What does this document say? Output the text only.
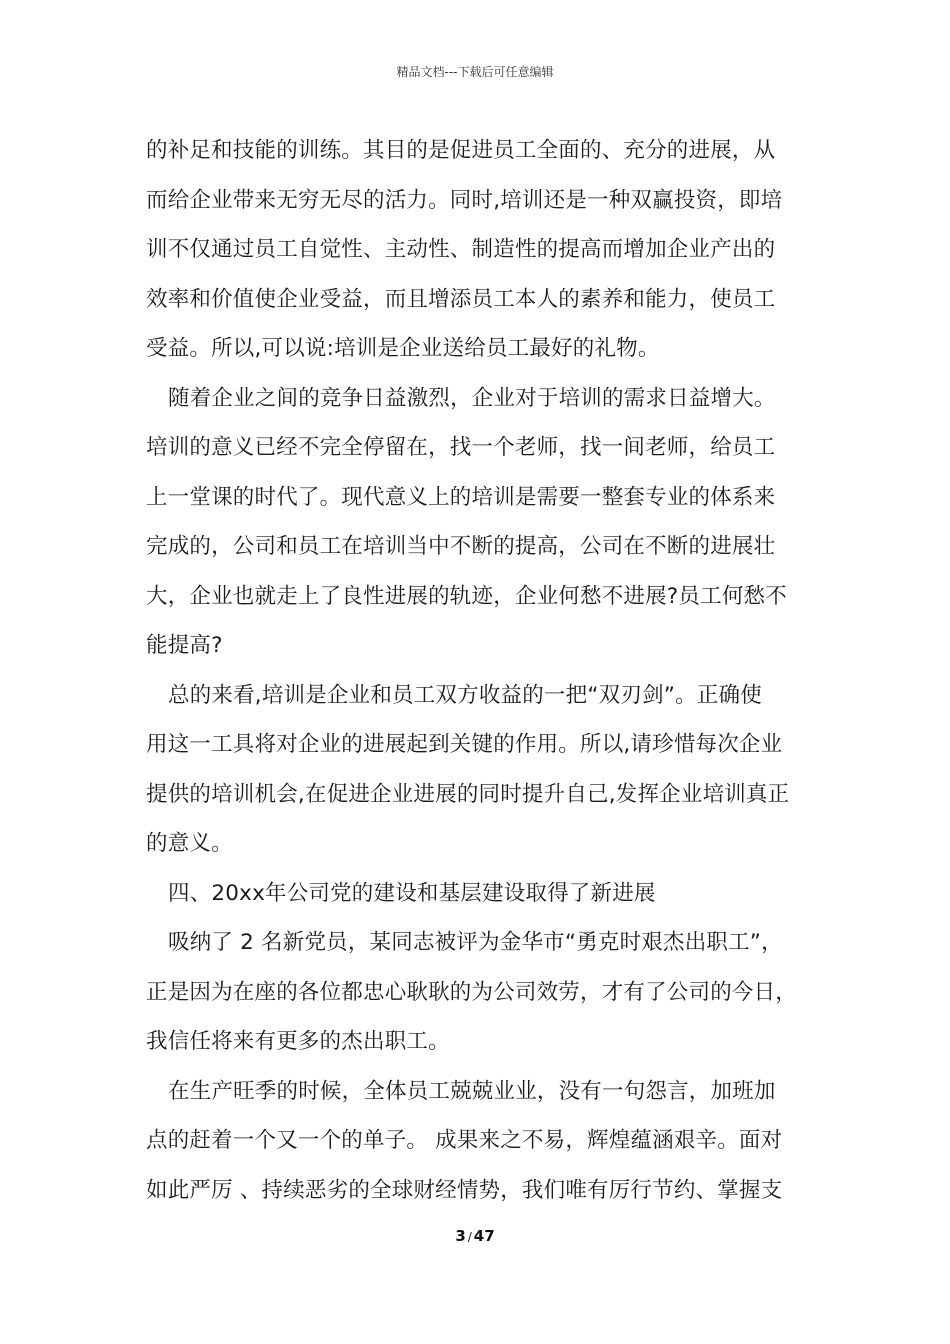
精品文档---下载后可任意编辑
的补足和技能的训练。其目的是促进员工全面的、充分的进展，从
而给企业带来无穷无尽的活力。同时,培训还是一种双赢投资，即培
训不仅通过员工自觉性、主动性、制造性的提高而增加企业产出的
效率和价值使企业受益，而且增添员工本人的素养和能力，使员工
受益。所以,可以说:培训是企业送给员工最好的礼物。
随着企业之间的竞争日益激烈，企业对于培训的需求日益增大。
培训的意义已经不完全停留在，找一个老师，找一间老师，给员工
上一堂课的时代了。现代意义上的培训是需要一整套专业的体系来
完成的，公司和员工在培训当中不断的提高，公司在不断的进展壮
大，企业也就走上了良性进展的轨迹，企业何愁不进展?员工何愁不
能提高?
总的来看,培训是企业和员工双方收益的一把“双刃剑”。正确使
用这一工具将对企业的进展起到关键的作用。所以,请珍惜每次企业
提供的培训机会,在促进企业进展的同时提升自己,发挥企业培训真正
的意义。
四、20xx年公司党的建设和基层建设取得了新进展
吸纳了 2 名新党员，某同志被评为金华市“勇克时艰杰出职工”，
正是因为在座的各位都忠心耿耿的为公司效劳，才有了公司的今日，
我信任将来有更多的杰出职工。
在生产旺季的时候，全体员工兢兢业业，没有一句怨言，加班加
点的赶着一个又一个的单子。 成果来之不易，辉煌蕴涵艰辛。面对
如此严厉 、持续恶劣的全球财经情势，我们唯有厉行节约、掌握支
3 / 47
